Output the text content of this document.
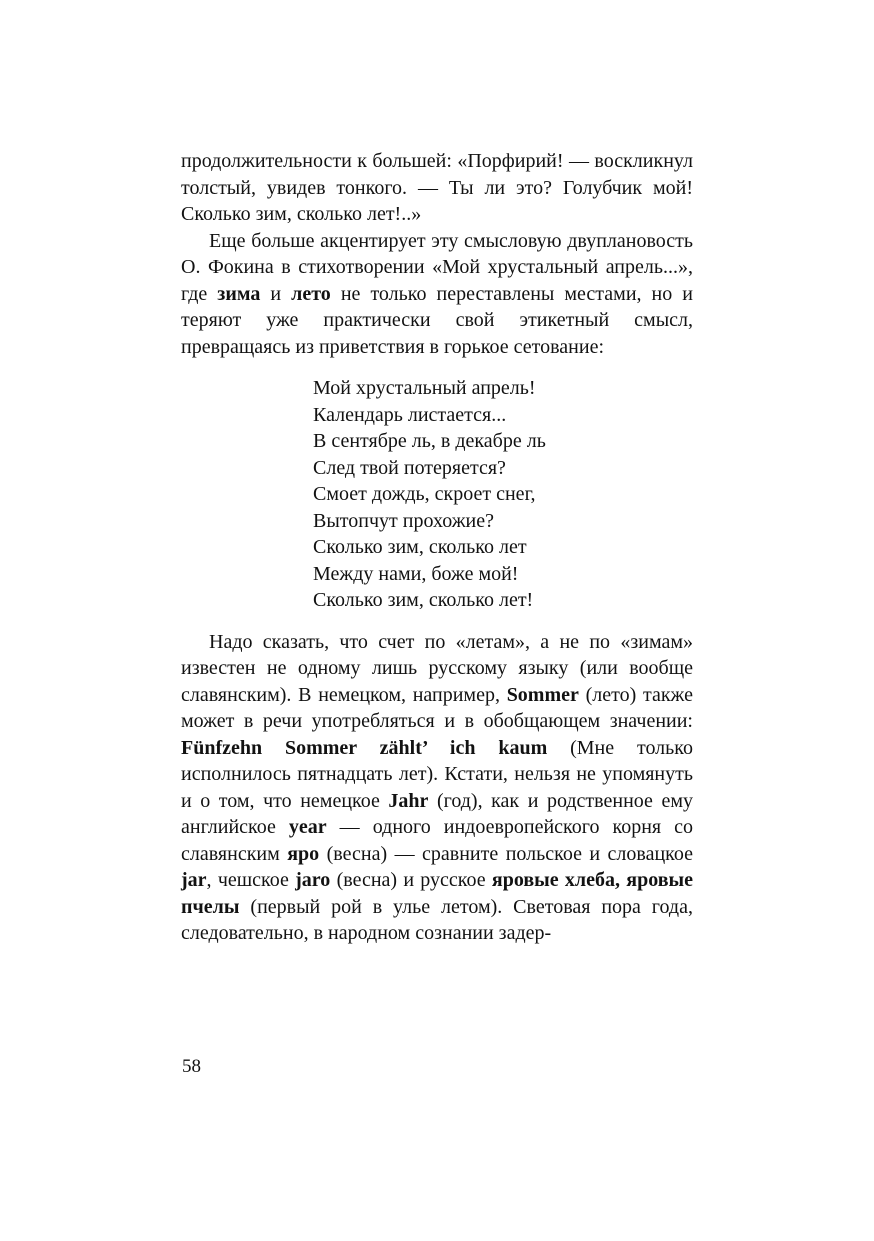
продолжительности к большей: «Порфирий! — воскликнул толстый, увидев тонкого. — Ты ли это? Голубчик мой! Сколько зим, сколько лет!..»

Еще больше акцентирует эту смысловую двуплановость О. Фокина в стихотворении «Мой хрустальный апрель...», где зима и лето не только переставлены местами, но и теряют уже практически свой этикетный смысл, превращаясь из приветствия в горькое сетование:

Мой хрустальный апрель!
Календарь листается...
В сентябре ль, в декабре ль
След твой потеряется?
Смоет дождь, скроет снег,
Вытопчут прохожие?
Сколько зим, сколько лет
Между нами, боже мой!
Сколько зим, сколько лет!

Надо сказать, что счет по «летам», а не по «зимам» известен не одному лишь русскому языку (или вообще славянским). В немецком, например, Sommer (лето) также может в речи употребляться и в обобщающем значении: Fünfzehn Sommer zählt’ ich kaum (Мне только исполнилось пятнадцать лет). Кстати, нельзя не упомянуть и о том, что немецкое Jahr (год), как и родственное ему английское year — одного индоевропейского корня со славянским яро (весна) — сравните польское и словацкое jar, чешское jaro (весна) и русское яровые хлеба, яровые пчелы (первый рой в улье летом). Световая пора года, следовательно, в народном сознании задер-

58
